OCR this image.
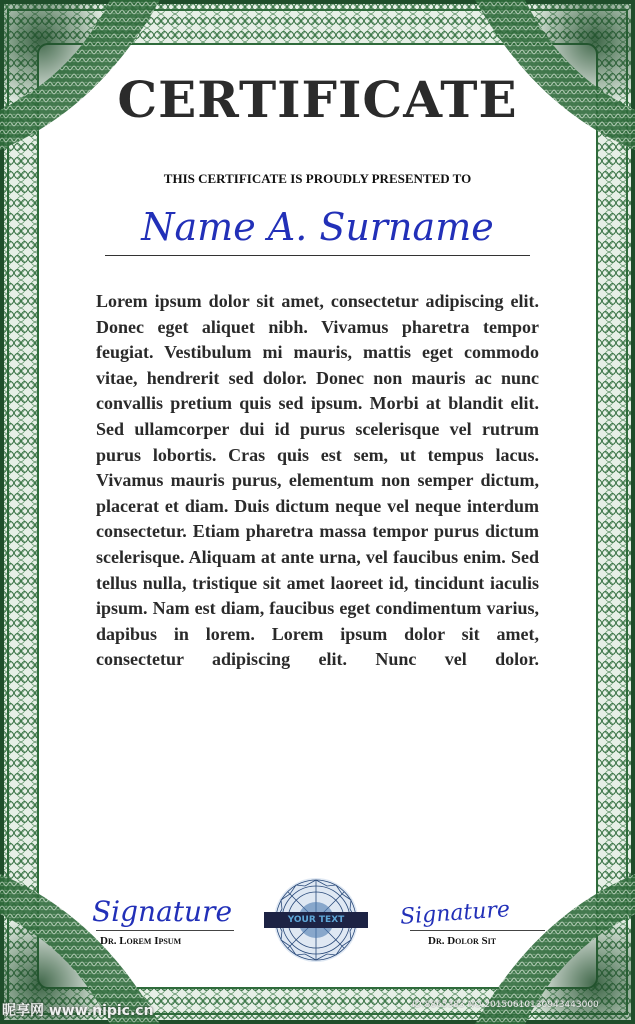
CERTIFICATE
THIS CERTIFICATE IS PROUDLY PRESENTED TO
Name A. Surname

Lorem ipsum dolor sit amet, consectetur adipiscing elit. Donec eget aliquet nibh. Vivamus pharetra tempor feugiat. Vestibulum mi mauris, mattis eget commodo vitae, hendrerit sed dolor. Donec non mauris ac nunc convallis pretium quis sed ipsum. Morbi at blandit elit. Sed ullamcorper dui id purus scelerisque vel rutrum purus lobortis. Cras quis est sem, ut tempus lacus. Vivamus mauris purus, elementum non semper dictum, placerat et diam. Duis dictum neque vel neque interdum consectetur. Etiam pharetra massa tempor purus dictum scelerisque. Aliquam at ante urna, vel faucibus enim. Sed tellus nulla, tristique sit amet laoreet id, tincidunt iaculis ipsum. Nam est diam, faucibus eget condimentum varius, dapibus in lorem. Lorem ipsum dolor sit amet, consectetur adipiscing elit. Nunc vel dolor.

Signature
Dr. Lorem Ipsum
YOUR TEXT	Signature
Dr. Dolor Sit
昵享网 www.nipic.cn	ID:8865383 NO:20150610130943443000
